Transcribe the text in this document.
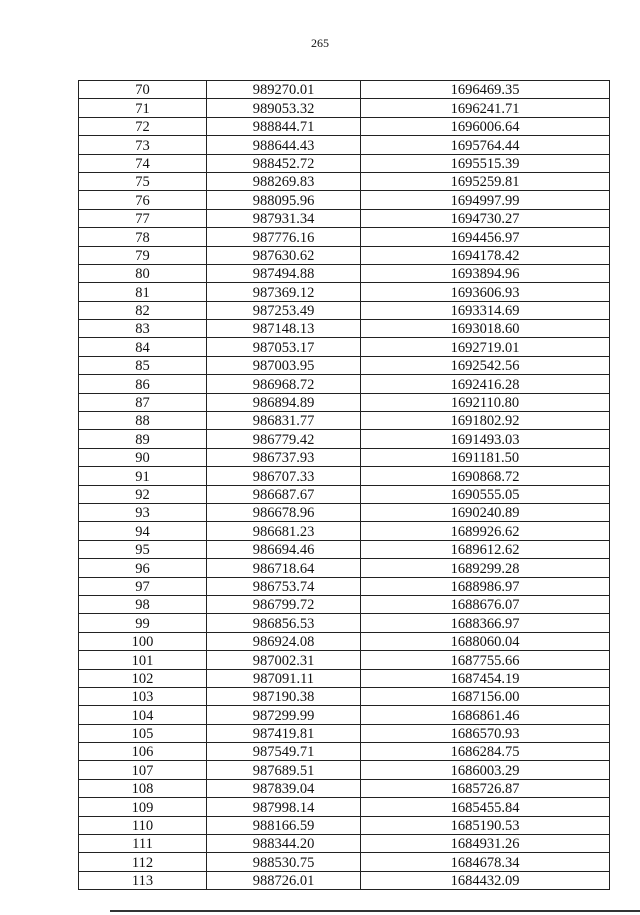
265
70	989270.01	1696469.35
71	989053.32	1696241.71
72	988844.71	1696006.64
73	988644.43	1695764.44
74	988452.72	1695515.39
75	988269.83	1695259.81
76	988095.96	1694997.99
77	987931.34	1694730.27
78	987776.16	1694456.97
79	987630.62	1694178.42
80	987494.88	1693894.96
81	987369.12	1693606.93
82	987253.49	1693314.69
83	987148.13	1693018.60
84	987053.17	1692719.01
85	987003.95	1692542.56
86	986968.72	1692416.28
87	986894.89	1692110.80
88	986831.77	1691802.92
89	986779.42	1691493.03
90	986737.93	1691181.50
91	986707.33	1690868.72
92	986687.67	1690555.05
93	986678.96	1690240.89
94	986681.23	1689926.62
95	986694.46	1689612.62
96	986718.64	1689299.28
97	986753.74	1688986.97
98	986799.72	1688676.07
99	986856.53	1688366.97
100	986924.08	1688060.04
101	987002.31	1687755.66
102	987091.11	1687454.19
103	987190.38	1687156.00
104	987299.99	1686861.46
105	987419.81	1686570.93
106	987549.71	1686284.75
107	987689.51	1686003.29
108	987839.04	1685726.87
109	987998.14	1685455.84
110	988166.59	1685190.53
111	988344.20	1684931.26
112	988530.75	1684678.34
113	988726.01	1684432.09
